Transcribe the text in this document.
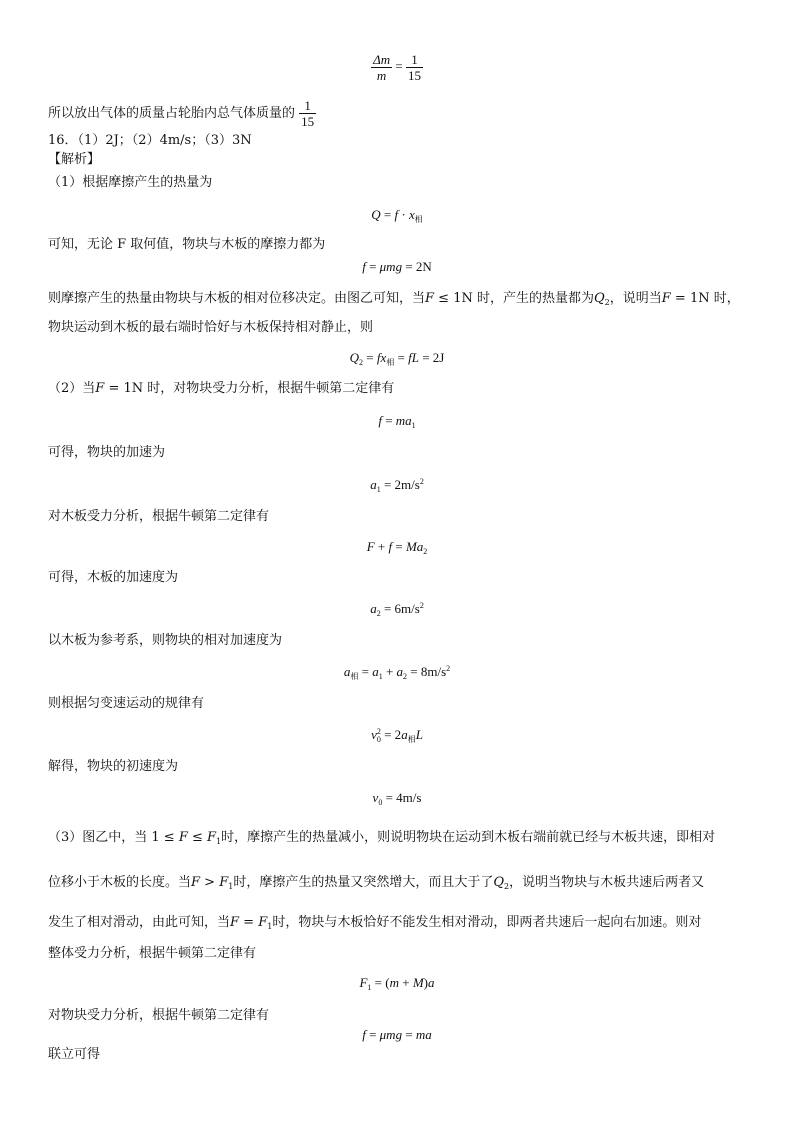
$\frac{\Delta m}{m} = \frac{1}{15}$
所以放出气体的质量占轮胎内总气体质量的 $\frac{1}{15}$
16．（1）2J；（2）4m/s；（3）3N
【解析】
（1）根据摩擦产生的热量为
$Q = f \cdot x_相$
可知，无论 F 取何值，物块与木板的摩擦力都为
f = μmg = 2N
则摩擦产生的热量由物块与木板的相对位移决定。由图乙可知，当F ≤ 1N 时，产生的热量都为$Q_2$，说明当F = 1N 时，
物块运动到木板的最右端时恰好与木板保持相对静止，则
$Q_2 = fx_相$ = fL = 2J
（2）当F = 1N 时，对物块受力分析，根据牛顿第二定律有
$f = ma_1$
可得，物块的加速为
$a_1 = 2m/s^2$
对木板受力分析，根据牛顿第二定律有
$F + f = Ma_2$
可得，木板的加速度为
$a_2 = 6m/s^2$
以木板为参考系，则物块的相对加速度为
$a_相 = a_1 + a_2 = 8m/s^2$
则根据匀变速运动的规律有
v 2
$0 = 2a_相L$
解得，物块的初速度为
$v_0 = 4m/s$
（3）图乙中，当 $1 \le F \le F_1$时，摩擦产生的热量减小，则说明物块在运动到木板右端前就已经与木板共速，即相对
位移小于木板的长度。当$F > F_1$时，摩擦产生的热量又突然增大，而且大于了$Q_2$，说明当物块与木板共速后两者又
发生了相对滑动，由此可知，当$F = F_1$时，物块与木板恰好不能发生相对滑动，即两者共速后一起向右加速。则对
整体受力分析，根据牛顿第二定律有
$F_1 = (m + M)a$
对物块受力分析，根据牛顿第二定律有
f = μmg = ma
联立可得
